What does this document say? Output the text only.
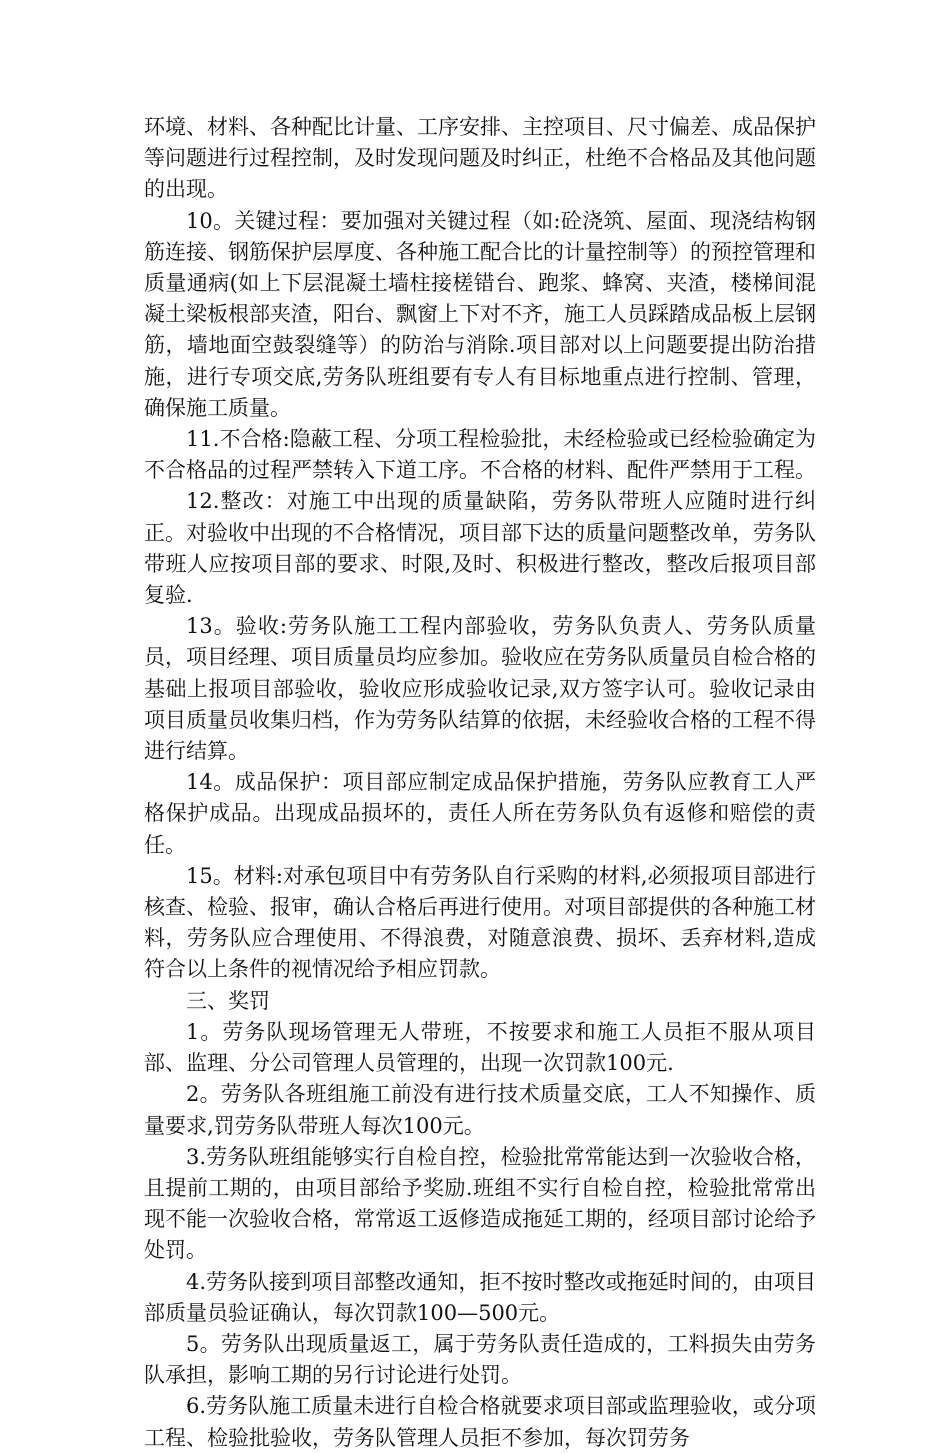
环境、材料、各种配比计量、工序安排、主控项目、尺寸偏差、成品保护等问题进行过程控制，及时发现问题及时纠正，杜绝不合格品及其他问题的出现。

10。关键过程：要加强对关键过程（如:砼浇筑、屋面、现浇结构钢筋连接、钢筋保护层厚度、各种施工配合比的计量控制等）的预控管理和质量通病(如上下层混凝土墙柱接槎错台、跑浆、蜂窝、夹渣，楼梯间混凝土梁板根部夹渣，阳台、飘窗上下对不齐，施工人员踩踏成品板上层钢筋，墙地面空鼓裂缝等）的防治与消除.项目部对以上问题要提出防治措施，进行专项交底,劳务队班组要有专人有目标地重点进行控制、管理，确保施工质量。

11.不合格:隐蔽工程、分项工程检验批，未经检验或已经检验确定为不合格品的过程严禁转入下道工序。不合格的材料、配件严禁用于工程。

12.整改：对施工中出现的质量缺陷，劳务队带班人应随时进行纠正。对验收中出现的不合格情况，项目部下达的质量问题整改单，劳务队带班人应按项目部的要求、时限,及时、积极进行整改，整改后报项目部复验.

13。验收:劳务队施工工程内部验收，劳务队负责人、劳务队质量员，项目经理、项目质量员均应参加。验收应在劳务队质量员自检合格的基础上报项目部验收，验收应形成验收记录,双方签字认可。验收记录由项目质量员收集归档，作为劳务队结算的依据，未经验收合格的工程不得进行结算。

14。成品保护：项目部应制定成品保护措施，劳务队应教育工人严格保护成品。出现成品损坏的，责任人所在劳务队负有返修和赔偿的责任。

15。材料:对承包项目中有劳务队自行采购的材料,必须报项目部进行核查、检验、报审，确认合格后再进行使用。对项目部提供的各种施工材料，劳务队应合理使用、不得浪费，对随意浪费、损坏、丢弃材料,造成符合以上条件的视情况给予相应罚款。

三、奖罚

1。劳务队现场管理无人带班，不按要求和施工人员拒不服从项目部、监理、分公司管理人员管理的，出现一次罚款100元.

2。劳务队各班组施工前没有进行技术质量交底，工人不知操作、质量要求,罚劳务队带班人每次100元。

3.劳务队班组能够实行自检自控，检验批常常能达到一次验收合格，且提前工期的，由项目部给予奖励.班组不实行自检自控，检验批常常出现不能一次验收合格，常常返工返修造成拖延工期的，经项目部讨论给予处罚。

4.劳务队接到项目部整改通知，拒不按时整改或拖延时间的，由项目部质量员验证确认，每次罚款100—500元。

5。劳务队出现质量返工，属于劳务队责任造成的，工料损失由劳务队承担，影响工期的另行讨论进行处罚。

6.劳务队施工质量未进行自检合格就要求项目部或监理验收，或分项工程、检验批验收，劳务队管理人员拒不参加，每次罚劳务
